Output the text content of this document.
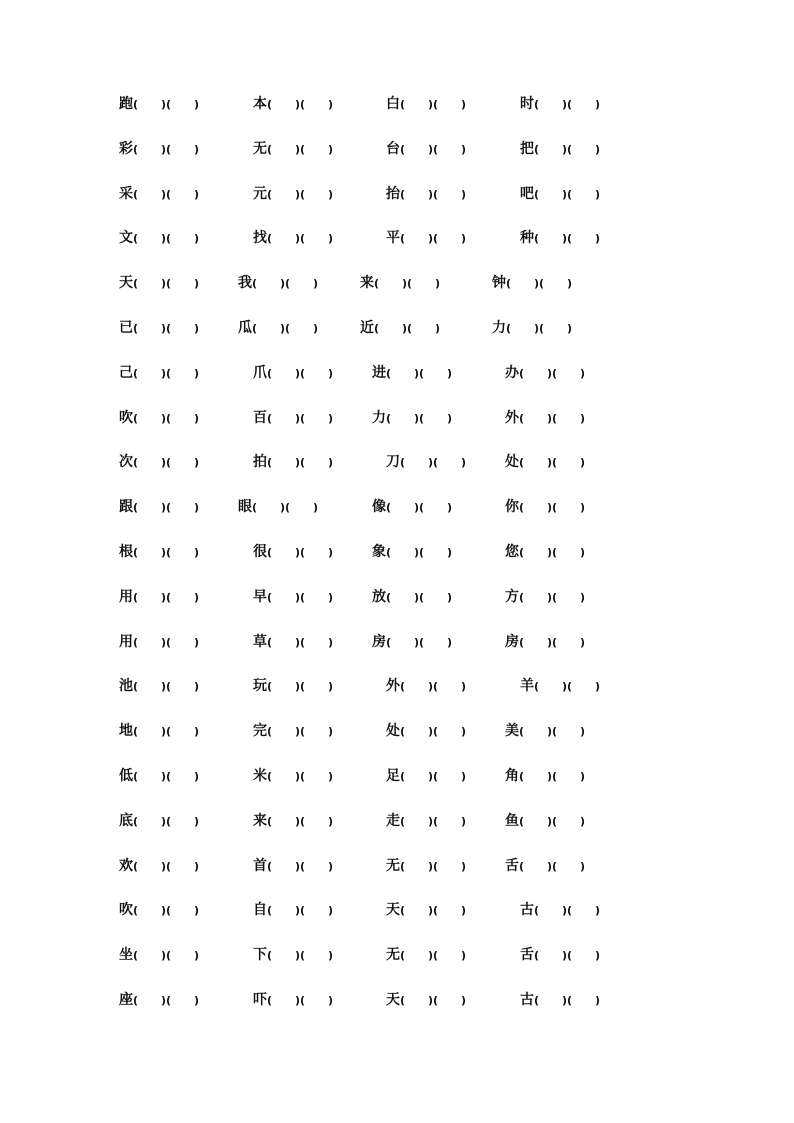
跑(      )(      )	本(      )(      )	白(      )(      )	时(      )(      )
彩(      )(      )	无(      )(      )	台(      )(      )	把(      )(      )
采(      )(      )	元(      )(      )	抬(      )(      )	吧(      )(      )
文(      )(      )	找(      )(      )	平(      )(      )	种(      )(      )
天(      )(      )	我(      )(      )	来(      )(      )	钟(      )(      )
已(      )(      )	瓜(      )(      )	近(      )(      )	力(      )(      )
己(      )(      )	爪(      )(      )	进(      )(      )	办(      )(      )
吹(      )(      )	百(      )(      )	力(      )(      )	外(      )(      )
次(      )(      )	拍(      )(      )	刀(      )(      )	处(      )(      )
跟(      )(      )	眼(      )(      )	像(      )(      )	你(      )(      )
根(      )(      )	很(      )(      )	象(      )(      )	您(      )(      )
用(      )(      )	早(      )(      )	放(      )(      )	方(      )(      )
用(      )(      )	草(      )(      )	房(      )(      )	房(      )(      )
池(      )(      )	玩(      )(      )	外(      )(      )	羊(      )(      )
地(      )(      )	完(      )(      )	处(      )(      )	美(      )(      )
低(      )(      )	米(      )(      )	足(      )(      )	角(      )(      )
底(      )(      )	来(      )(      )	走(      )(      )	鱼(      )(      )
欢(      )(      )	首(      )(      )	无(      )(      )	舌(      )(      )
吹(      )(      )	自(      )(      )	天(      )(      )	古(      )(      )
坐(      )(      )	下(      )(      )	无(      )(      )	舌(      )(      )
座(      )(      )	吓(      )(      )	天(      )(      )	古(      )(      )
